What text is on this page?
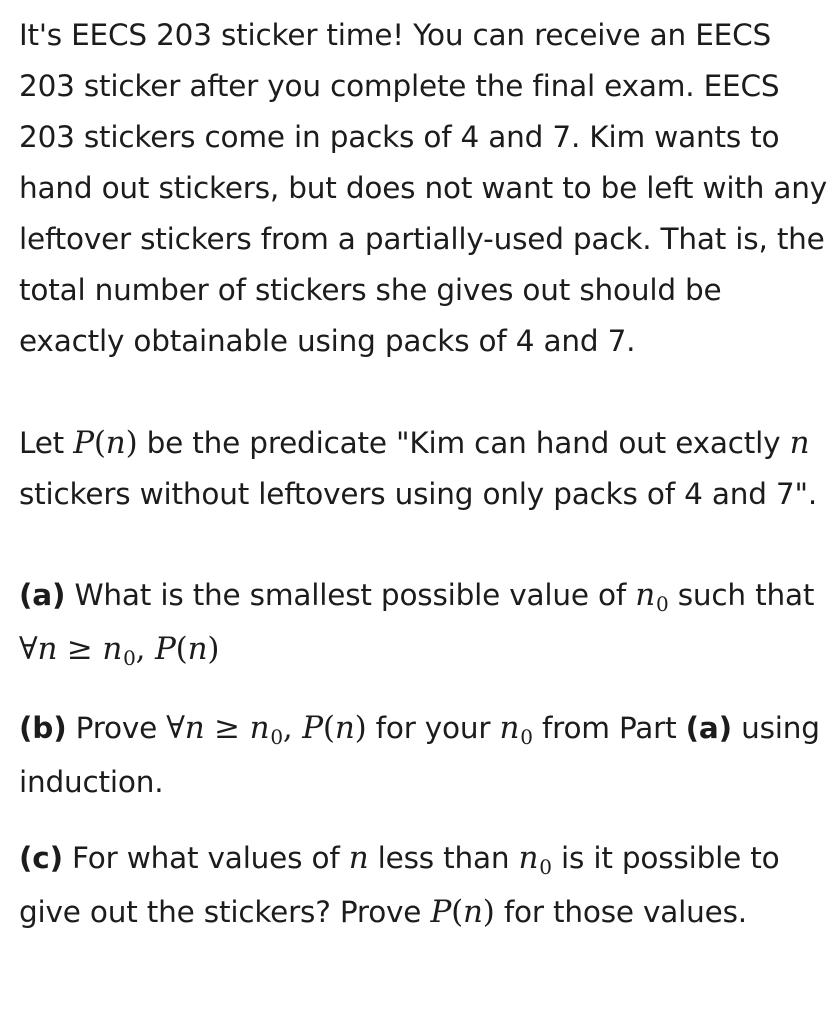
It's EECS 203 sticker time! You can receive an EECS 203 sticker after you complete the final exam. EECS 203 stickers come in packs of 4 and 7. Kim wants to hand out stickers, but does not want to be left with any leftover stickers from a partially-used pack. That is, the total number of stickers she gives out should be exactly obtainable using packs of 4 and 7.

Let P(n) be the predicate "Kim can hand out exactly n stickers without leftovers using only packs of 4 and 7".

(a) What is the smallest possible value of n0 such that ∀n ≥ n0, P(n)

(b) Prove ∀n ≥ n0, P(n) for your n0 from Part (a) using induction.

(c) For what values of n less than n0 is it possible to give out the stickers? Prove P(n) for those values.
